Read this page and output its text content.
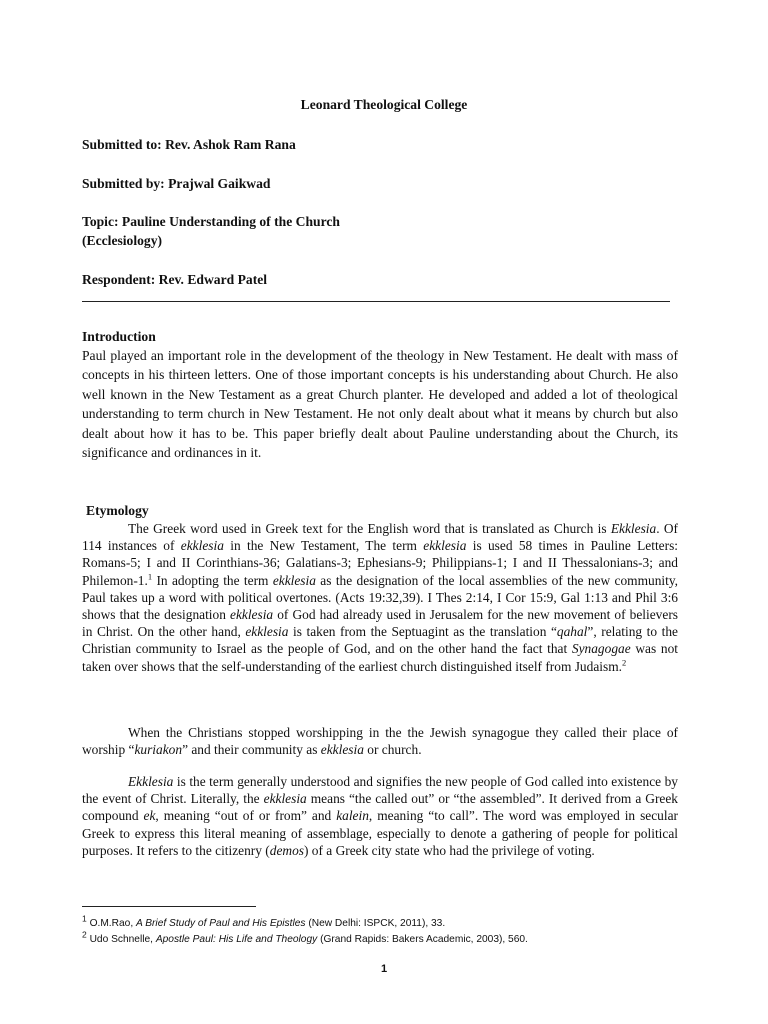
Leonard Theological College
Submitted to: Rev. Ashok Ram Rana
Submitted by: Prajwal Gaikwad
Topic: Pauline Understanding of the Church
(Ecclesiology)
Respondent: Rev. Edward Patel
Introduction
Paul played an important role in the development of the theology in New Testament. He dealt with mass of concepts in his thirteen letters. One of those important concepts is his understanding about Church. He also well known in the New Testament as a great Church planter. He developed and added a lot of theological understanding to term church in New Testament. He not only dealt about what it means by church but also dealt about how it has to be. This paper briefly dealt about Pauline understanding about the Church, its significance and ordinances in it.
Etymology
The Greek word used in Greek text for the English word that is translated as Church is Ekklesia. Of 114 instances of ekklesia in the New Testament, The term ekklesia is used 58 times in Pauline Letters: Romans-5; I and II Corinthians-36; Galatians-3; Ephesians-9; Philippians-1; I and II Thessalonians-3; and Philemon-1.$^1$ In adopting the term ekklesia as the designation of the local assemblies of the new community, Paul takes up a word with political overtones. (Acts 19:32,39). I Thes 2:14, I Cor 15:9, Gal 1:13 and Phil 3:6 shows that the designation ekklesia of God had already used in Jerusalem for the new movement of believers in Christ. On the other hand, ekklesia is taken from the Septuagint as the translation “qahal”, relating to the Christian community to Israel as the people of God, and on the other hand the fact that Synagogae was not taken over shows that the self-understanding of the earliest church distinguished itself from Judaism.$^2$
When the Christians stopped worshipping in the the Jewish synagogue they called their place of worship “kuriakon” and their community as ekklesia or church.
Ekklesia is the term generally understood and signifies the new people of God called into existence by the event of Christ. Literally, the ekklesia means “the called out” or “the assembled”. It derived from a Greek compound ek, meaning “out of or from” and kalein, meaning “to call”. The word was employed in secular Greek to express this literal meaning of assemblage, especially to denote a gathering of people for political purposes. It refers to the citizenry (demos) of a Greek city state who had the privilege of voting.
$^1$ O.M.Rao, A Brief Study of Paul and His Epistles (New Delhi: ISPCK, 2011), 33.
$^2$ Udo Schnelle, Apostle Paul: His Life and Theology (Grand Rapids: Bakers Academic, 2003), 560.
1
